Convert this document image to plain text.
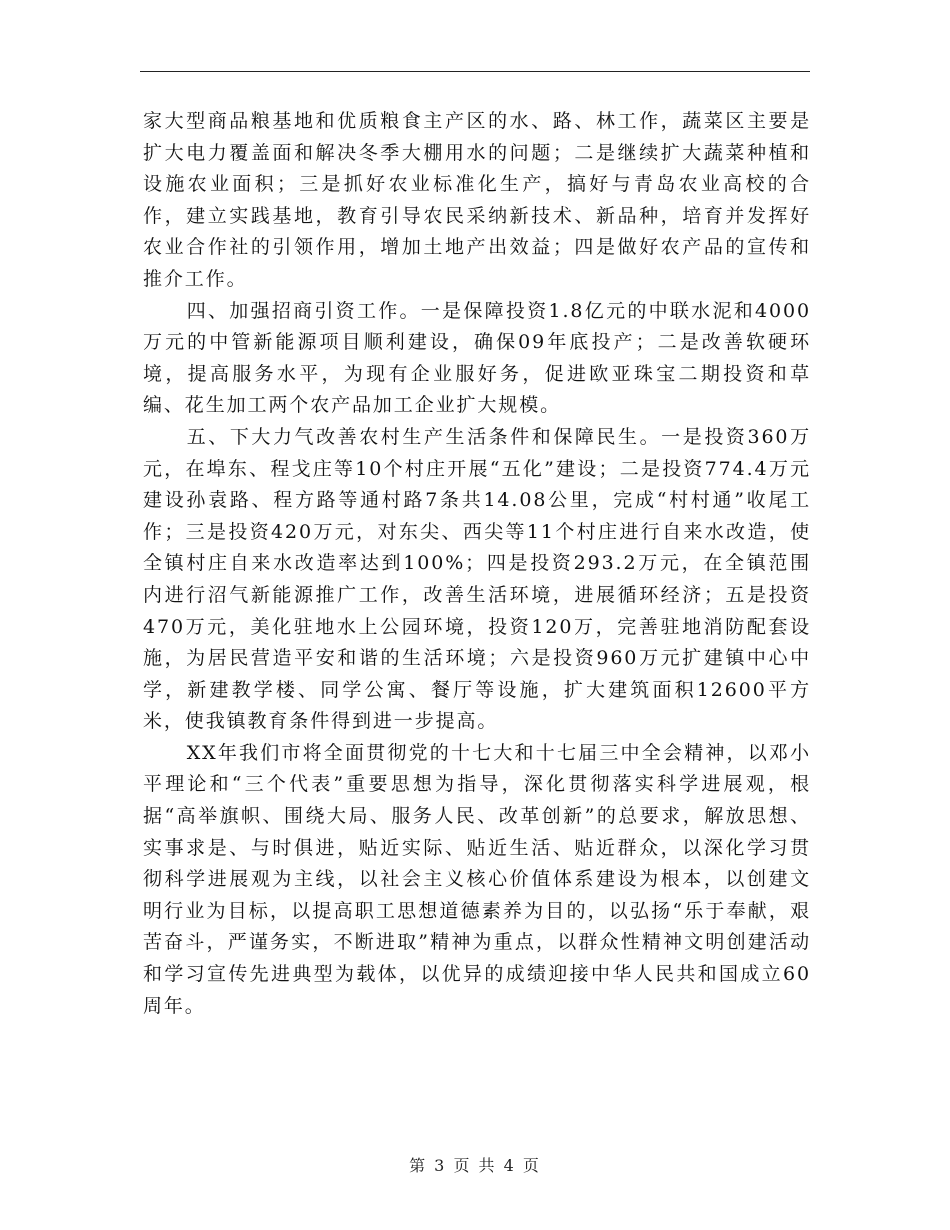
家大型商品粮基地和优质粮食主产区的水、路、林工作，蔬菜区主要是扩大电力覆盖面和解决冬季大棚用水的问题；二是继续扩大蔬菜种植和设施农业面积；三是抓好农业标准化生产，搞好与青岛农业高校的合作，建立实践基地，教育引导农民采纳新技术、新品种，培育并发挥好农业合作社的引领作用，增加土地产出效益；四是做好农产品的宣传和推介工作。

四、加强招商引资工作。一是保障投资1.8亿元的中联水泥和4000万元的中管新能源项目顺利建设，确保09年底投产；二是改善软硬环境，提高服务水平，为现有企业服好务，促进欧亚珠宝二期投资和草编、花生加工两个农产品加工企业扩大规模。

五、下大力气改善农村生产生活条件和保障民生。一是投资360万元，在埠东、程戈庄等10个村庄开展“五化”建设；二是投资774.4万元建设孙袁路、程方路等通村路7条共14.08公里，完成“村村通”收尾工作；三是投资420万元，对东尖、西尖等11个村庄进行自来水改造，使全镇村庄自来水改造率达到100%；四是投资293.2万元，在全镇范围内进行沼气新能源推广工作，改善生活环境，进展循环经济；五是投资470万元，美化驻地水上公园环境，投资120万，完善驻地消防配套设施，为居民营造平安和谐的生活环境；六是投资960万元扩建镇中心中学，新建教学楼、同学公寓、餐厅等设施，扩大建筑面积12600平方米，使我镇教育条件得到进一步提高。

XX年我们市将全面贯彻党的十七大和十七届三中全会精神，以邓小平理论和“三个代表”重要思想为指导，深化贯彻落实科学进展观，根据“高举旗帜、围绕大局、服务人民、改革创新”的总要求，解放思想、实事求是、与时俱进，贴近实际、贴近生活、贴近群众，以深化学习贯彻科学进展观为主线，以社会主义核心价值体系建设为根本，以创建文明行业为目标，以提高职工思想道德素养为目的，以弘扬“乐于奉献，艰苦奋斗，严谨务实，不断进取”精神为重点，以群众性精神文明创建活动和学习宣传先进典型为载体，以优异的成绩迎接中华人民共和国成立60周年。

第 3 页 共 4 页
